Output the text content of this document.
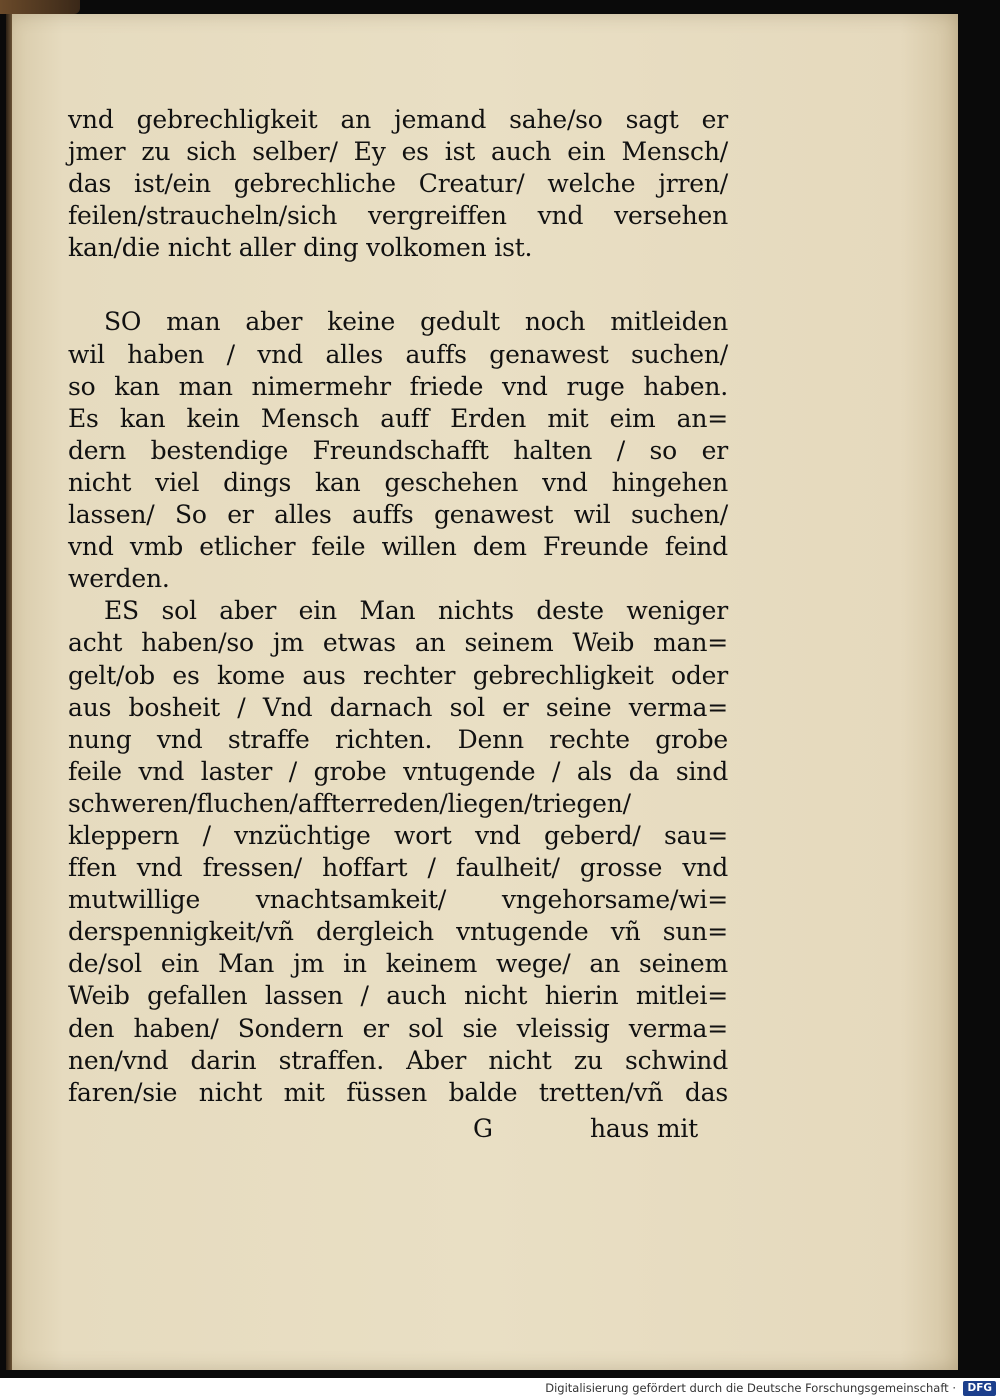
vnd gebrechligkeit an jemand sahe/so sagt er
jmer zu sich selber/ Ey es ist auch ein Mensch/
das ist/ein gebrechliche Creatur/ welche jrren/
feilen/straucheln/sich vergreiffen vnd versehen
kan/die nicht aller ding volkomen ist.
SO man aber keine gedult noch mitleiden
wil haben / vnd alles auffs genawest suchen/
so kan man nimermehr friede vnd ruge haben.
Es kan kein Mensch auff Erden mit eim an=
dern bestendige Freundschafft halten / so er
nicht viel dings kan geschehen vnd hingehen
lassen/ So er alles auffs genawest wil suchen/
vnd vmb etlicher feile willen dem Freunde feind
werden.
ES sol aber ein Man nichts deste weniger
acht haben/so jm etwas an seinem Weib man=
gelt/ob es kome aus rechter gebrechligkeit oder
aus bosheit / Vnd darnach sol er seine verma=
nung vnd straffe richten. Denn rechte grobe
feile vnd laster / grobe vntugende / als da sind
schweren/fluchen/affterreden/liegen/triegen/
kleppern / vnzüchtige wort vnd geberd/ sau=
ffen vnd fressen/ hoffart / faulheit/ grosse vnd
mutwillige vnachtsamkeit/ vngehorsame/wi=
derspennigkeit/vñ dergleich vntugende vñ sun=
de/sol ein Man jm in keinem wege/ an seinem
Weib gefallen lassen / auch nicht hierin mitlei=
den haben/ Sondern er sol sie vleissig verma=
nen/vnd darin straffen. Aber nicht zu schwind
faren/sie nicht mit füssen balde tretten/vñ das
G	haus mit
Digitalisierung gefördert durch die Deutsche Forschungsgemeinschaft ·	DFG
